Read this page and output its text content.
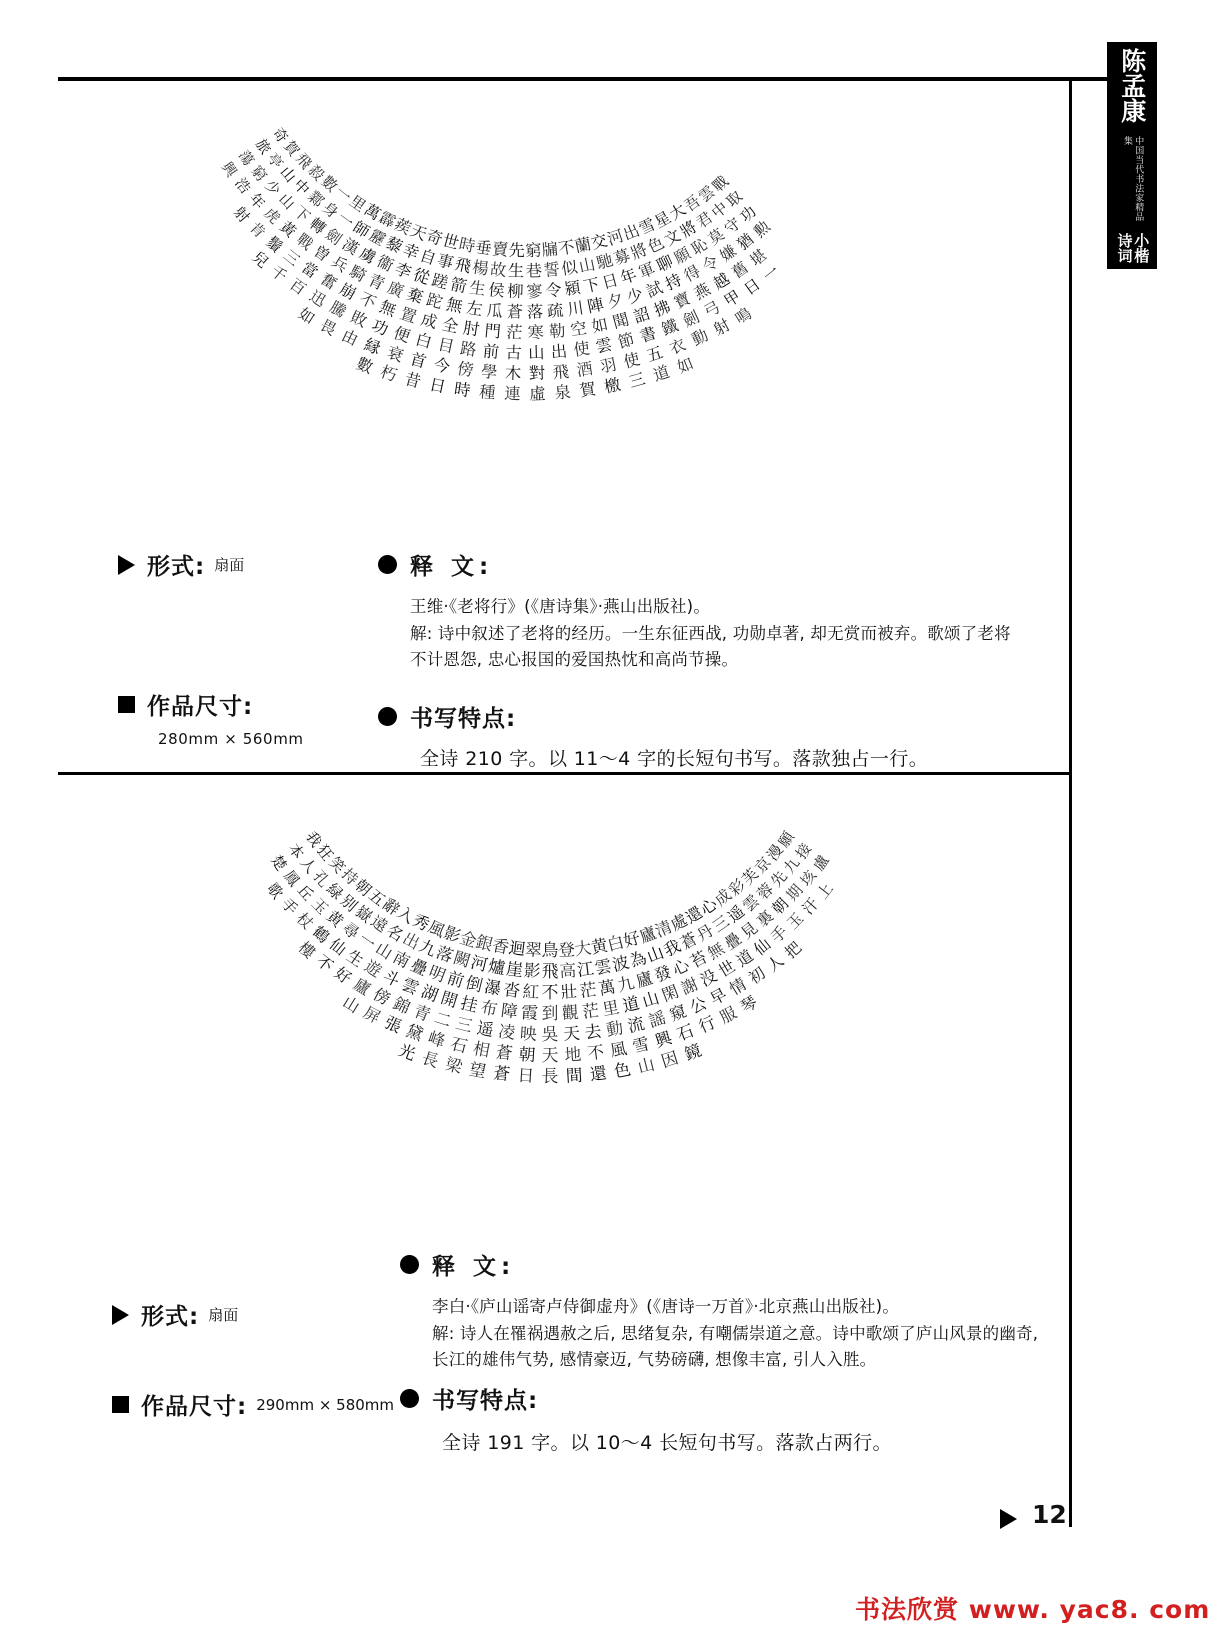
陈孟康
中国当代书法家精品集
小楷
诗词
奇
旅
蕩
興
賀
亭
窮
浩
飛
山
少
年
射
殺
中
山
虎
肯
數
鄴
下
黃
鬚
兒
一
身
轉
戰
三
千
里
一
劍
曽
當
百
萬
師
漢
兵
奮
迅
如
霹
靂
虜
騎
崩
騰
畏
蒺
藜
衞
青
不
敗
由
天
幸
李
廣
無
功
縁
數
奇
自
從
棄
置
便
衰
朽
世
事
蹉
跎
成
白
首
昔
時
飛
箭
無
全
目
今
日
垂
楊
生
左
肘
路
傍
時
賣
故
侯
瓜
門
前
學
種
先
生
柳
蒼
茫
古
木
連
窮
巷
寥
落
寒
山
對
虛
牖
誓
令
疏
勒
出
飛
泉
不
似
潁
川
空
使
酒
賀
蘭
山
下
陣
如
雲
羽
檄
交
馳
日
夕
聞
節
使
三
河
募
年
少
詔
書
五
道
出
將
軍
試
拂
鐵
衣
如
雪
色
聊
持
寶
劍
動
星
文
願
得
燕
弓
射
大
將
恥
令
越
甲
鳴
吾
君
莫
嫌
舊
日
雲
中
守
猶
堪
一
戰
取
功
勲
形式: 扇面
作品尺寸:
280mm × 560mm
释 文:
王维·《老将行》(《唐诗集》·燕山出版社)。
解: 诗中叙述了老将的经历。一生东征西战, 功勋卓著, 却无赏而被弃。歌颂了老将不计恩怨, 忠心报国的爱国热忱和高尚节操。
书写特点:
全诗 210 字。以 11～4 字的长短句书写。落款独占一行。
我
本
楚 狂
人
鳳
歌
笑
孔
丘
手
持
緑
玉
杖
朝
别
黄
鶴
樓
五
嶽
尋
仙
不
辭
遠
一
生
好
入
名
山
遊
廬
山
秀
出
南
斗
傍
屏
風
九
疊
雲
錦
張
影
落
明
湖
青
黛
光
金
闕
前
開
二
峰
長
銀
河
倒
挂
三
石
梁
香
爐
瀑
布
遥
相
望
迴
崖
沓
障
凌
蒼
蒼
翠
影
紅
霞
映
朝
日
鳥
飛
不
到
吳
天
長
登
高
壯
觀
天
地
間
大
江
茫
茫
去
不
還
黄
雲
萬
里
動
風
色
白
波
九
道
流
雪
山
好
為
廬
山
謡
興
因
廬
山
發
閑
窺
石
鏡
清
我
心
謝
公
行
處
蒼
苔
没
早
服
還
丹
無
世
情
琴
心
三
疊
道
初
成
遥
見
仙
人
彩
雲
裏
手
把
芙
蓉
朝
玉
京
先
期
汗
漫
九
垓
上
願
接
盧
释 文:
李白·《庐山谣寄卢侍御虚舟》(《唐诗一万首》·北京燕山出版社)。
解: 诗人在罹祸遇赦之后, 思绪复杂, 有嘲儒崇道之意。诗中歌颂了庐山风景的幽奇, 长江的雄伟气势, 感情豪迈, 气势磅礴, 想像丰富, 引人入胜。
形式: 扇面
作品尺寸: 290mm × 580mm 书写特点:
全诗 191 字。以 10～4 长短句书写。落款占两行。
12
书法欣赏 www. yac8. com
